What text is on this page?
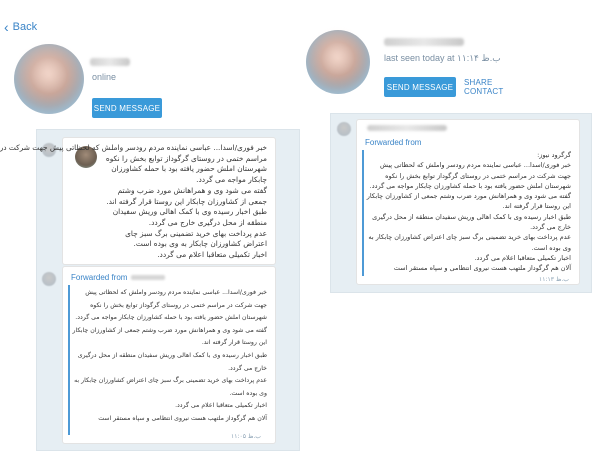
‹ Back
online
SEND MESSAGE

خبر فوری/اسدا... عباسی نماینده مردم رودسر واملش که لحظاتی پیش جهت شرکت در

مراسم ختمی در روستای گرگوداز توابع بخش را نکوه

شهرستان املش حضور یافته بود با حمله کشاورزان

چابکار مواجه می گردد.

گفته می شود وی و همراهانش مورد ضرب وشتم

جمعی از کشاورزان چابکار این روستا قرار گرفته اند.

طبق اخبار رسیده وی با کمک اهالی وریش سفیدان

منطقه از محل درگیری خارج می گردد.

عدم پرداخت بهای خرید تضمینی برگ سبز چای

اعتراض کشاورزان چابکار به وی بوده است.

اخبار تکمیلی متعاقبا اعلام می گردد.

Forwarded from

خبر فوری/اسدا... عباسی نماینده مردم رودسر واملش که لحظاتی پیش

جهت شرکت در مراسم ختمی در روستای گرگوداز توابع بخش را نکوه

شهرستان املش حضور یافته بود با حمله کشاورزان چابکار مواجه می گردد.

گفته می شود وی و همراهانش مورد ضرب وشتم جمعی از کشاورزان چابکار

این روستا قرار گرفته اند.

طبق اخبار رسیده وی با کمک اهالی وریش سفیدان منطقه از محل درگیری

خارج می گردد.

عدم پرداخت بهای خرید تضمینی برگ سبز چای اعتراض کشاورزان چابکار به

وی بوده است.

اخبار تکمیلی متعاقبا اعلام می گردد.

آلان هم گرگوداز ملتهب هست نیروی انتظامی و سپاه مستقر است

ب.ظ ۱۱:۰۵
last seen today at ۱۱:۱۴ ب.ظ
SEND MESSAGE	SHARE CONTACT
Forwarded from

گرگرود نیوز:

خبر فوری/اسدا... عباسی نماینده مردم رودسر واملش که لحظاتی پیش

جهت شرکت در مراسم ختمی در روستای گرگوداز توابع بخش را نکوه

شهرستان املش حضور یافته بود با حمله کشاورزان چابکار مواجه می گردد.

گفته می شود وی و همراهانش مورد ضرب وشتم جمعی از کشاورزان چابکار

این روستا قرار گرفته اند.

طبق اخبار رسیده وی با کمک اهالی وریش سفیدان منطقه از محل درگیری

خارج می گردد.

عدم پرداخت بهای خرید تضمینی برگ سبز چای اعتراض کشاورزان چابکار به

وی بوده است.

اخبار تکمیلی متعاقبا اعلام می گردد.

آلان هم گرگوداز ملتهب هست نیروی انتظامی و سپاه مستقر است

ب.ظ ۱۱:۱۳
